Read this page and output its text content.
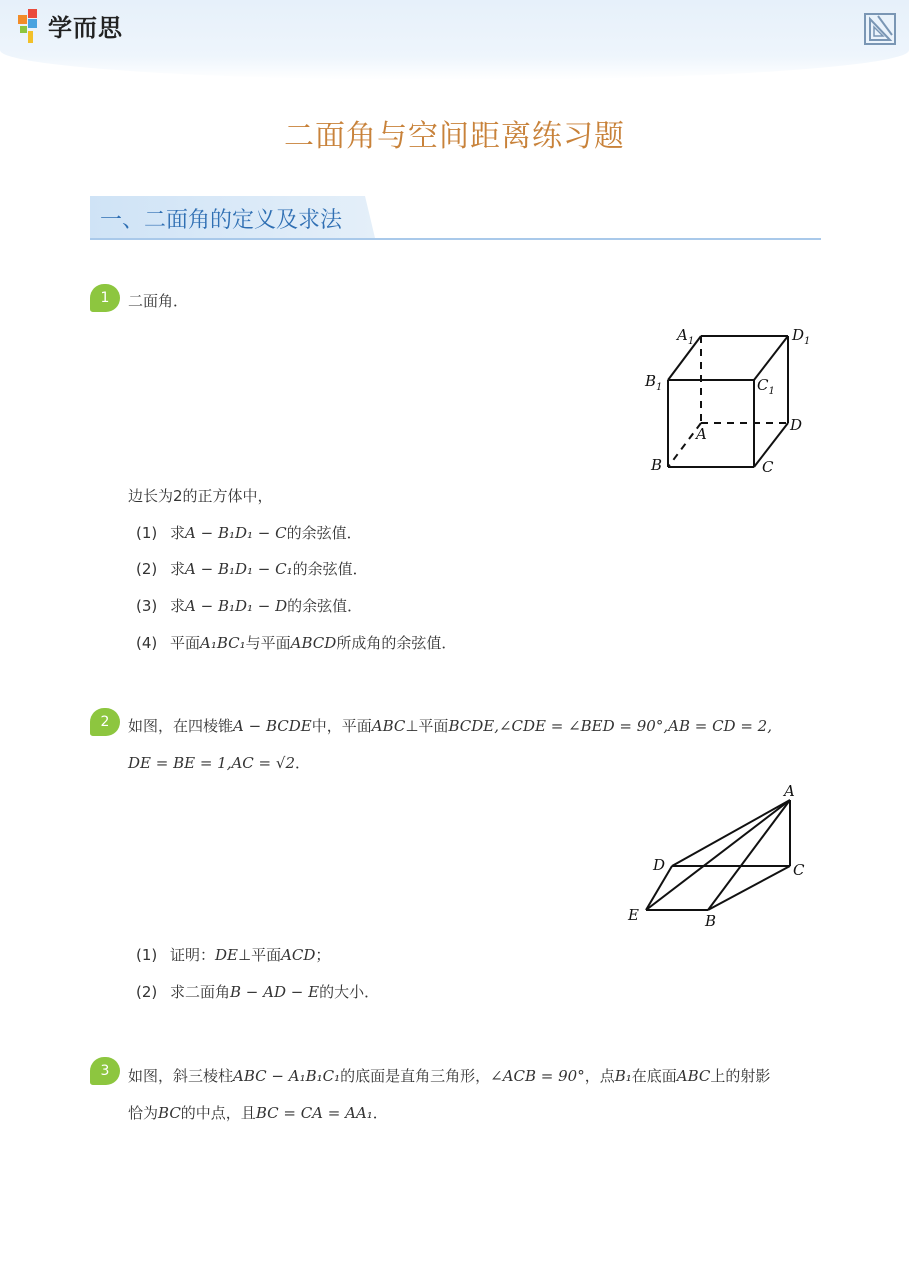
学而思
二面角与空间距离练习题
一、二面角的定义及求法
1	二面角．
$A_1$	$D_1$
$B_1$	$C_1$
A	D
B	C
边长为2的正方体中，
(1) 求A − B₁D₁ − C的余弦值．
(2) 求A − B₁D₁ − C₁的余弦值．
(3) 求A − B₁D₁ − D的余弦值．
(4) 平面A₁BC₁与平面ABCD所成角的余弦值．
2	如图，在四棱锥A − BCDE中，平面ABC⊥平面BCDE,∠CDE = ∠BED = 90°,AB = CD = 2,
DE = BE = 1,AC = √2．
A
D	C
E	B
(1) 证明：DE⊥平面ACD；
(2) 求二面角B − AD − E的大小．
3	如图，斜三棱柱ABC − A₁B₁C₁的底面是直角三角形，∠ACB = 90°，点B₁在底面ABC上的射影
恰为BC的中点，且BC = CA = AA₁．
